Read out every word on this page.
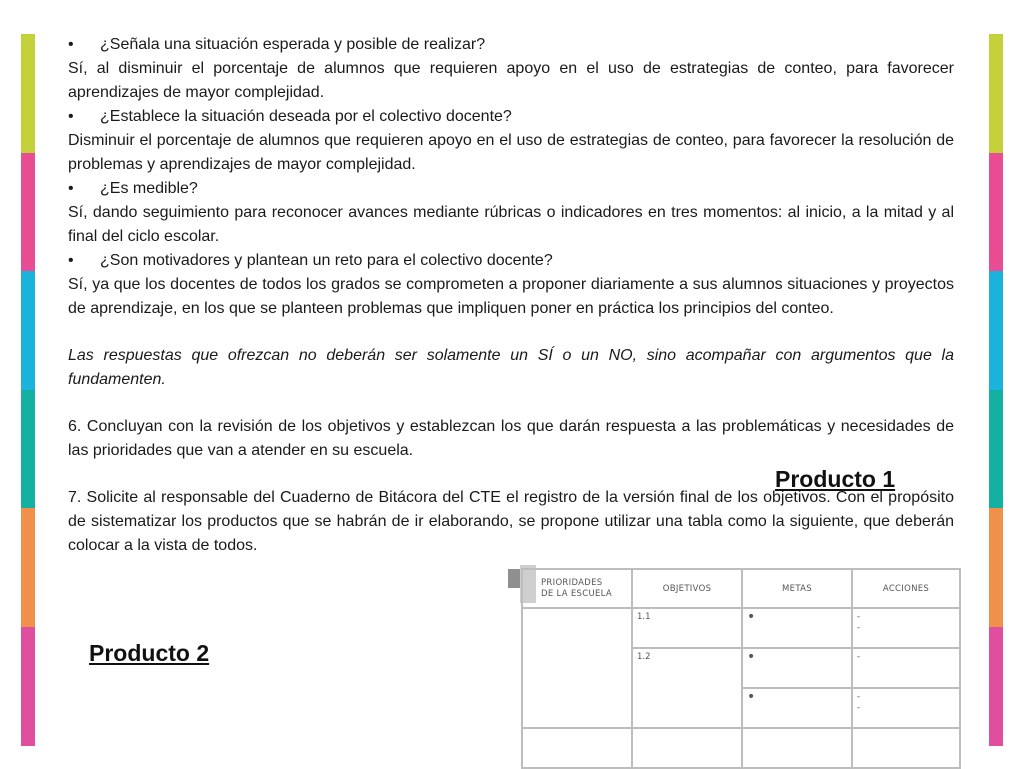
• ¿Señala una situación esperada y posible de realizar?

Sí, al disminuir el porcentaje de alumnos que requieren apoyo en el uso de estrategias de conteo, para favorecer aprendizajes de mayor complejidad.

• ¿Establece la situación deseada por el colectivo docente?

Disminuir el porcentaje de alumnos que requieren apoyo en el uso de estrategias de conteo, para favorecer la resolución de problemas y aprendizajes de mayor complejidad.

• ¿Es medible?

Sí, dando seguimiento para reconocer avances mediante rúbricas o indicadores en tres momentos: al inicio, a la mitad y al final del ciclo escolar.

• ¿Son motivadores y plantean un reto para el colectivo docente?

Sí, ya que los docentes de todos los grados se comprometen a proponer diariamente a sus alumnos situaciones y proyectos de aprendizaje, en los que se planteen problemas que impliquen poner en práctica los principios del conteo.

Las respuestas que ofrezcan no deberán ser solamente un SÍ o un NO, sino acompañar con argumentos que la fundamenten.

6. Concluyan con la revisión de los objetivos y establezcan los que darán respuesta a las problemáticas y necesidades de las prioridades que van a atender en su escuela.

7. Solicite al responsable del Cuaderno de Bitácora del CTE el registro de la versión final de los objetivos. Con el propósito de sistematizar los productos que se habrán de ir elaborando, se propone utilizar una tabla como la siguiente, que deberán colocar a la vista de todos.

Producto 1
Producto 2
PRIORIDADES
DE LA ESCUELA	OBJETIVOS	METAS	ACCIONES
	1.1	•	-
-

	1.2	•	-

		•	-
-
